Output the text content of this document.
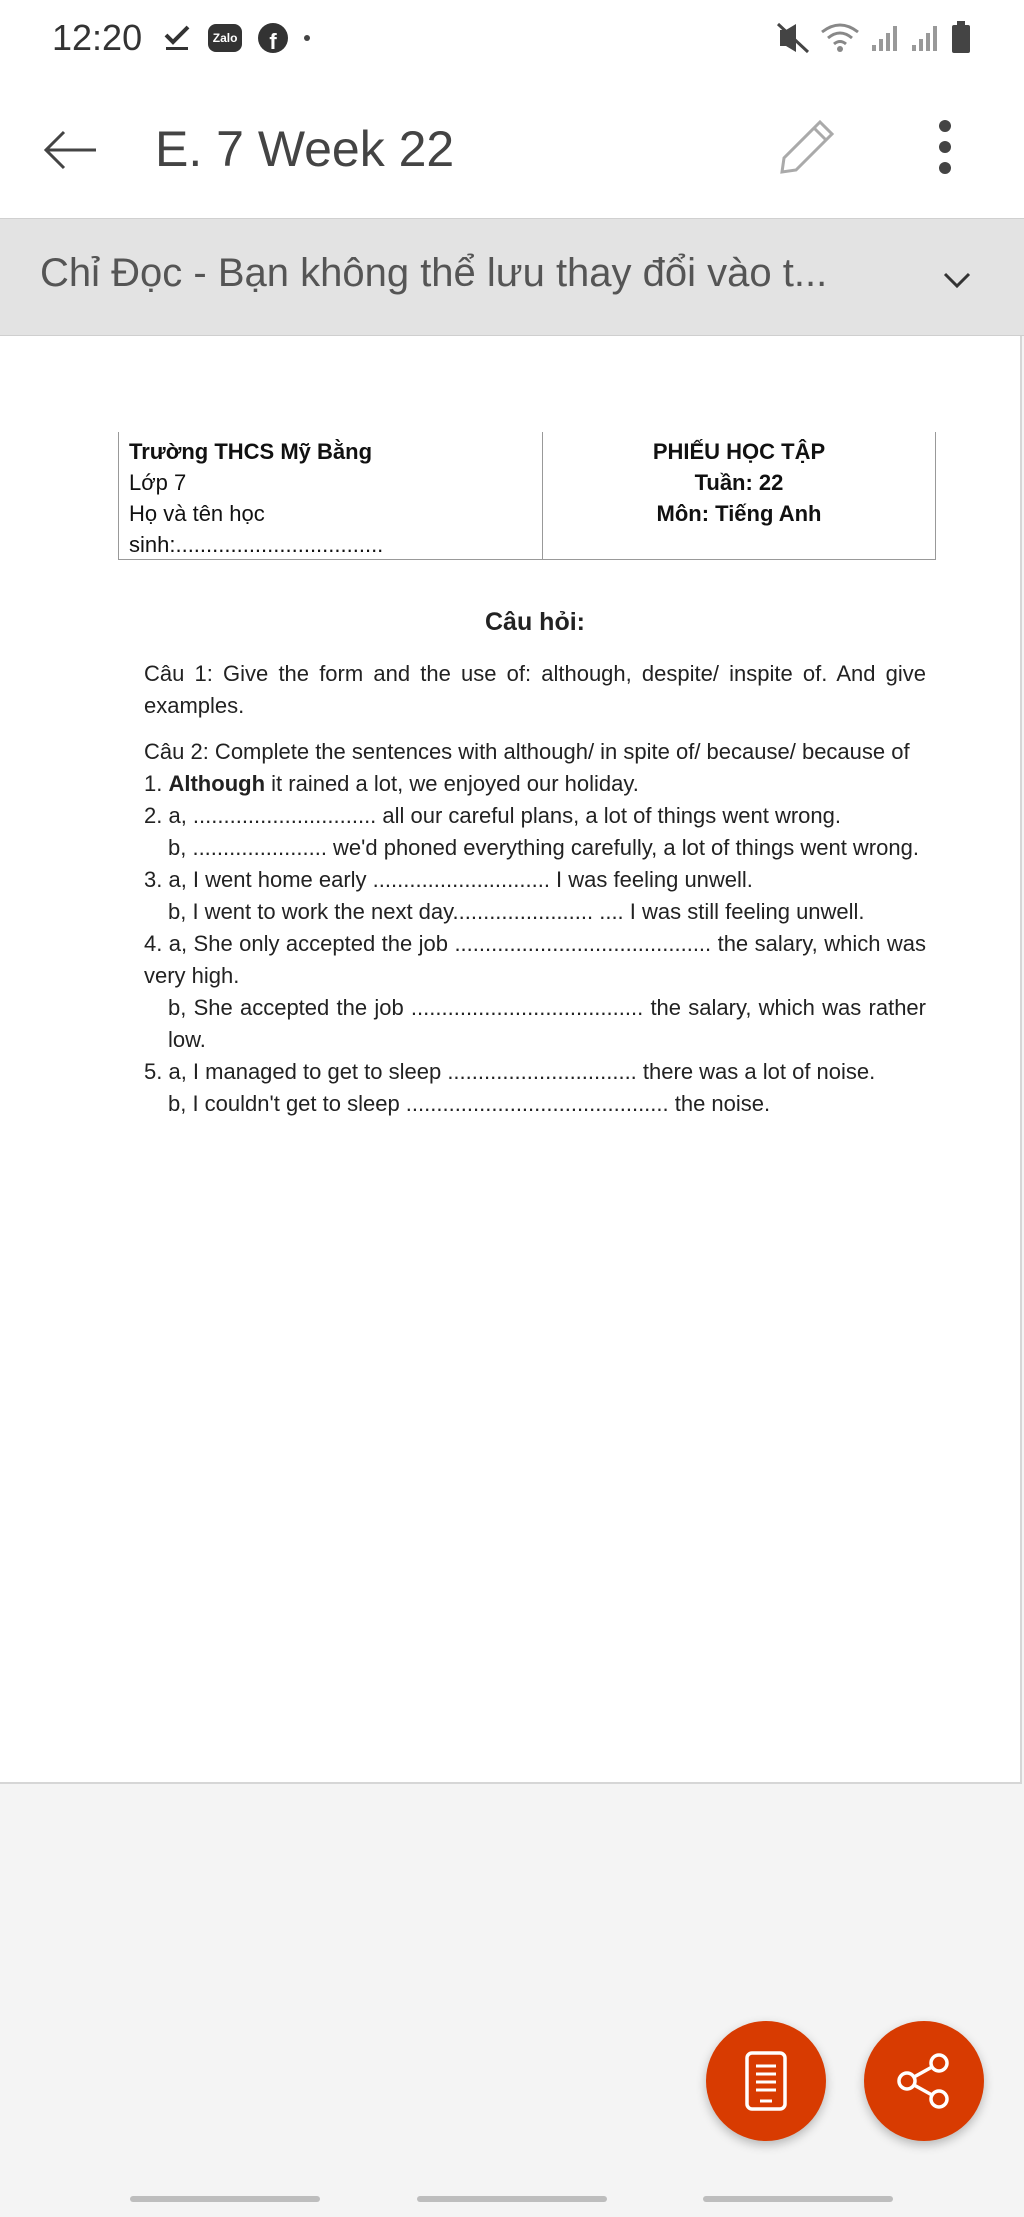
12:20	Zalo	f
E. 7 Week 22
Chỉ Đọc - Bạn không thể lưu thay đổi vào t...
Trường THCS Mỹ Bằng
Lớp 7
Họ và tên học
sinh:..................................
PHIẾU HỌC TẬP
Tuần: 22
Môn: Tiếng Anh
Câu hỏi:

Câu 1: Give the form and the use of: although, despite/ inspite of. And give examples.

Câu 2: Complete the sentences with although/ in spite of/ because/ because of

1. Although it rained a lot, we enjoyed our holiday.

2. a, .............................. all our careful plans, a lot of things went wrong.

b, ...................... we'd phoned everything carefully, a lot of things went wrong.

3. a, I went home early ............................. I was feeling unwell.

b, I went to work the next day....................... .... I was still feeling unwell.

4. a, She only accepted the job .......................................... the salary, which was very high.

b, She accepted the job ...................................... the salary, which was rather low.

5. a, I managed to get to sleep ............................... there was a lot of noise.

b, I couldn't get to sleep ........................................... the noise.
